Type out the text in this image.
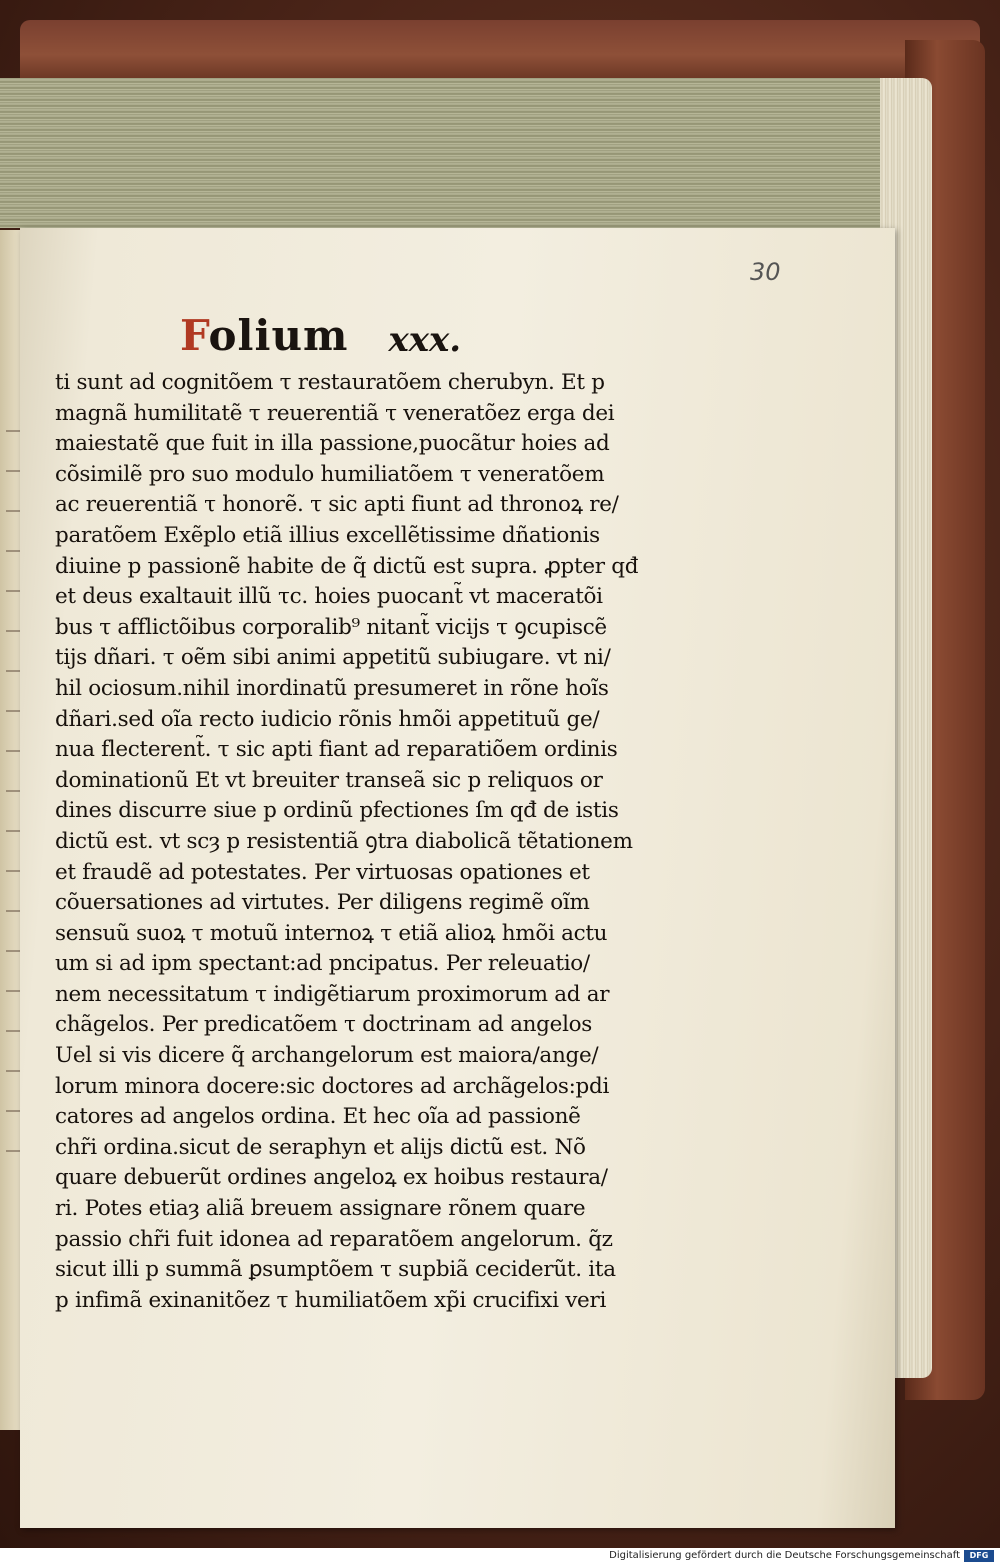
30
Folium xxx.
ti sunt ad cognitõem τ restauratõem cherubyn. Et p
magnã humilitatẽ τ reuerentiã τ veneratõez erga dei
maiestatẽ que fuit in illa passione,puocãtur hoies ad
cõsimilẽ pro suo modulo humiliatõem τ veneratõem
ac reuerentiã τ honorẽ. τ sic apti fiunt ad thronoꝝ re/
paratõem Exẽplo etiã illius excellẽtissime dñationis
diuine p passionẽ habite de q̃ dictũ est supra. ꝓpter qđ
et deus exaltauit illũ τc. hoies puocant̃ vt maceratõi
bus τ afflictõibus corporalib⁹ nitant̃ vicijs τ ꝯcupiscẽ
tijs dñari. τ oẽm sibi animi appetitũ subiugare. vt ni/
hil ociosum.nihil inordinatũ presumeret in rõne hoĩs
dñari.sed oĩa recto iudicio rõnis hmõi appetituũ ge/
nua flecterent̃. τ sic apti fiant ad reparatiõem ordinis
dominationũ Et vt breuiter transeã sic p reliquos or
dines discurre siue p ordinũ pfectiones ſm qđ de istis
dictũ est. vt scȝ p resistentiã ꝯtra diabolicã tẽtationem
et fraudẽ ad potestates. Per virtuosas opationes et
cõuersationes ad virtutes. Per diligens regimẽ oĩm
sensuũ suoꝝ τ motuũ internoꝝ τ etiã alioꝝ hmõi actu
um si ad ipm spectant:ad pncipatus. Per releuatio/
nem necessitatum τ indigẽtiarum proximorum ad ar
chãgelos. Per predicatõem τ doctrinam ad angelos
Uel si vis dicere q̃ archangelorum est maiora/ange/
lorum minora docere:sic doctores ad archãgelos:pdi
catores ad angelos ordina. Et hec oĩa ad passionẽ
chr̃i ordina.sicut de seraphyn et alijs dictũ est. Nõ
quare debuerũt ordines angeloꝝ ex hoibus restaura/
ri. Potes etiaȝ aliã breuem assignare rõnem quare
passio chr̃i fuit idonea ad reparatõem angelorum. q̃z
sicut illi p summã ꝑsumptõem τ supbiã ceciderũt. ita
p infimã exinanitõez τ humiliatõem xp̃i crucifixi veri
Digitalisierung gefördert durch die Deutsche Forschungsgemeinschaft	DFG
